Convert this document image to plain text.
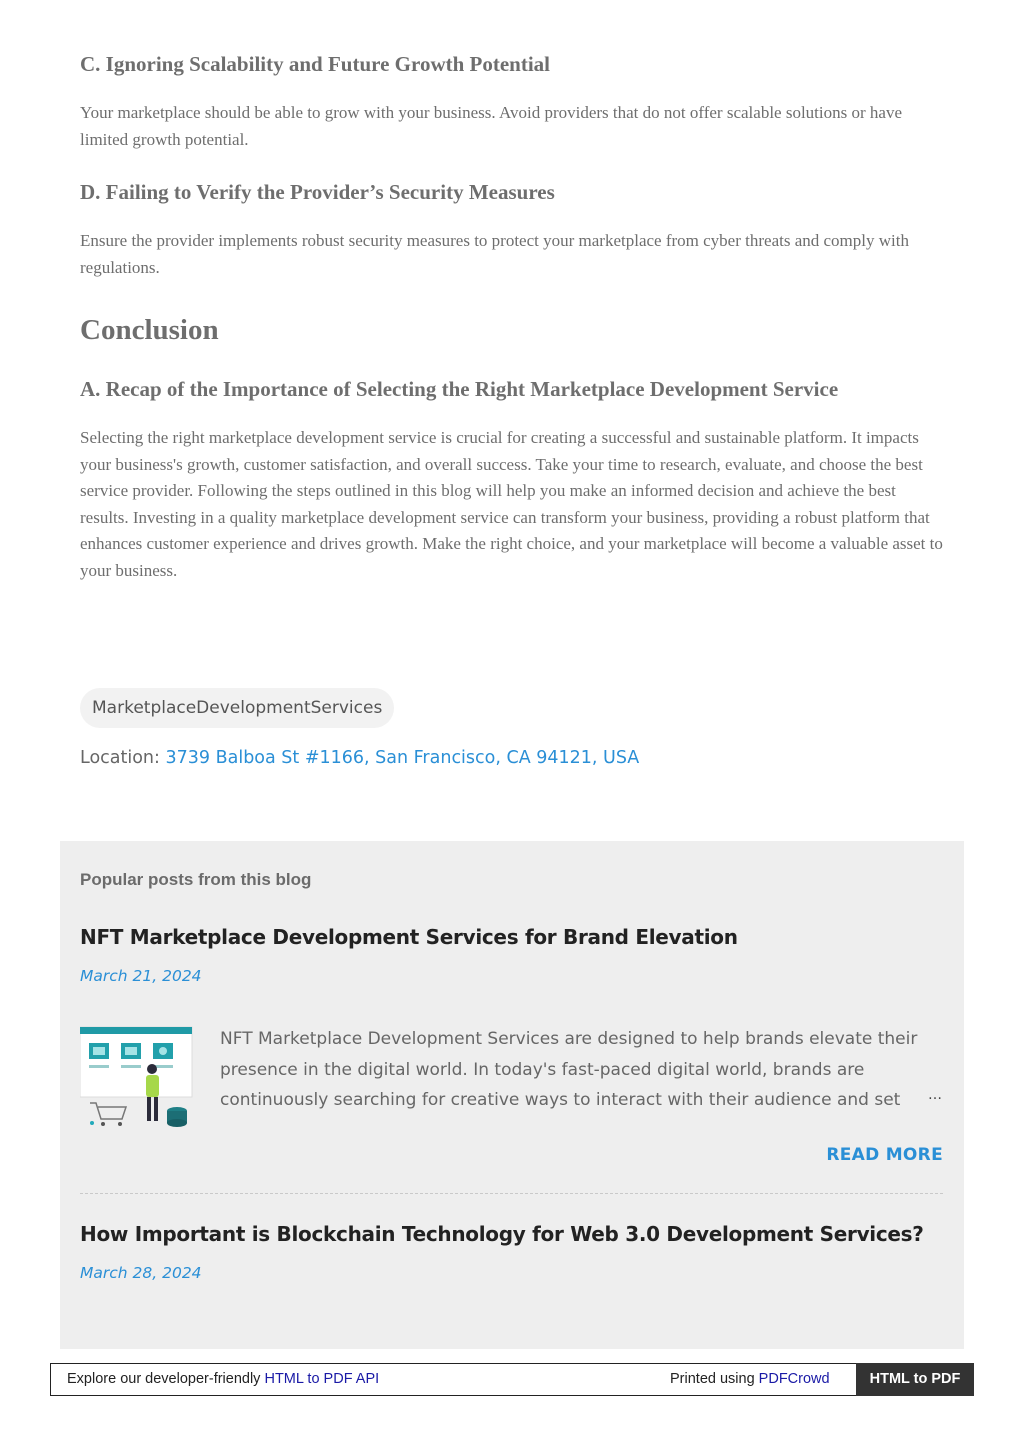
C. Ignoring Scalability and Future Growth Potential

Your marketplace should be able to grow with your business. Avoid providers that do not offer scalable solutions or have limited growth potential.

D. Failing to Verify the Provider’s Security Measures

Ensure the provider implements robust security measures to protect your marketplace from cyber threats and comply with regulations.

Conclusion
A. Recap of the Importance of Selecting the Right Marketplace Development Service

Selecting the right marketplace development service is crucial for creating a successful and sustainable platform. It impacts your business's growth, customer satisfaction, and overall success. Take your time to research, evaluate, and choose the best service provider. Following the steps outlined in this blog will help you make an informed decision and achieve the best results. Investing in a quality marketplace development service can transform your business, providing a robust platform that enhances customer experience and drives growth. Make the right choice, and your marketplace will become a valuable asset to your business.

MarketplaceDevelopmentServices
Location: 3739 Balboa St #1166, San Francisco, CA 94121, USA
Popular posts from this blog
NFT Marketplace Development Services for Brand Elevation
March 21, 2024
NFT Marketplace Development Services are designed to help brands elevate their presence in the digital world. In today's fast-paced digital world, brands are continuously searching for creative ways to interact with their audience and set	…
READ MORE
How Important is Blockchain Technology for Web 3.0 Development Services?
March 28, 2024
Explore our developer-friendly HTML to PDF API	Printed using PDFCrowd	HTML to PDF
